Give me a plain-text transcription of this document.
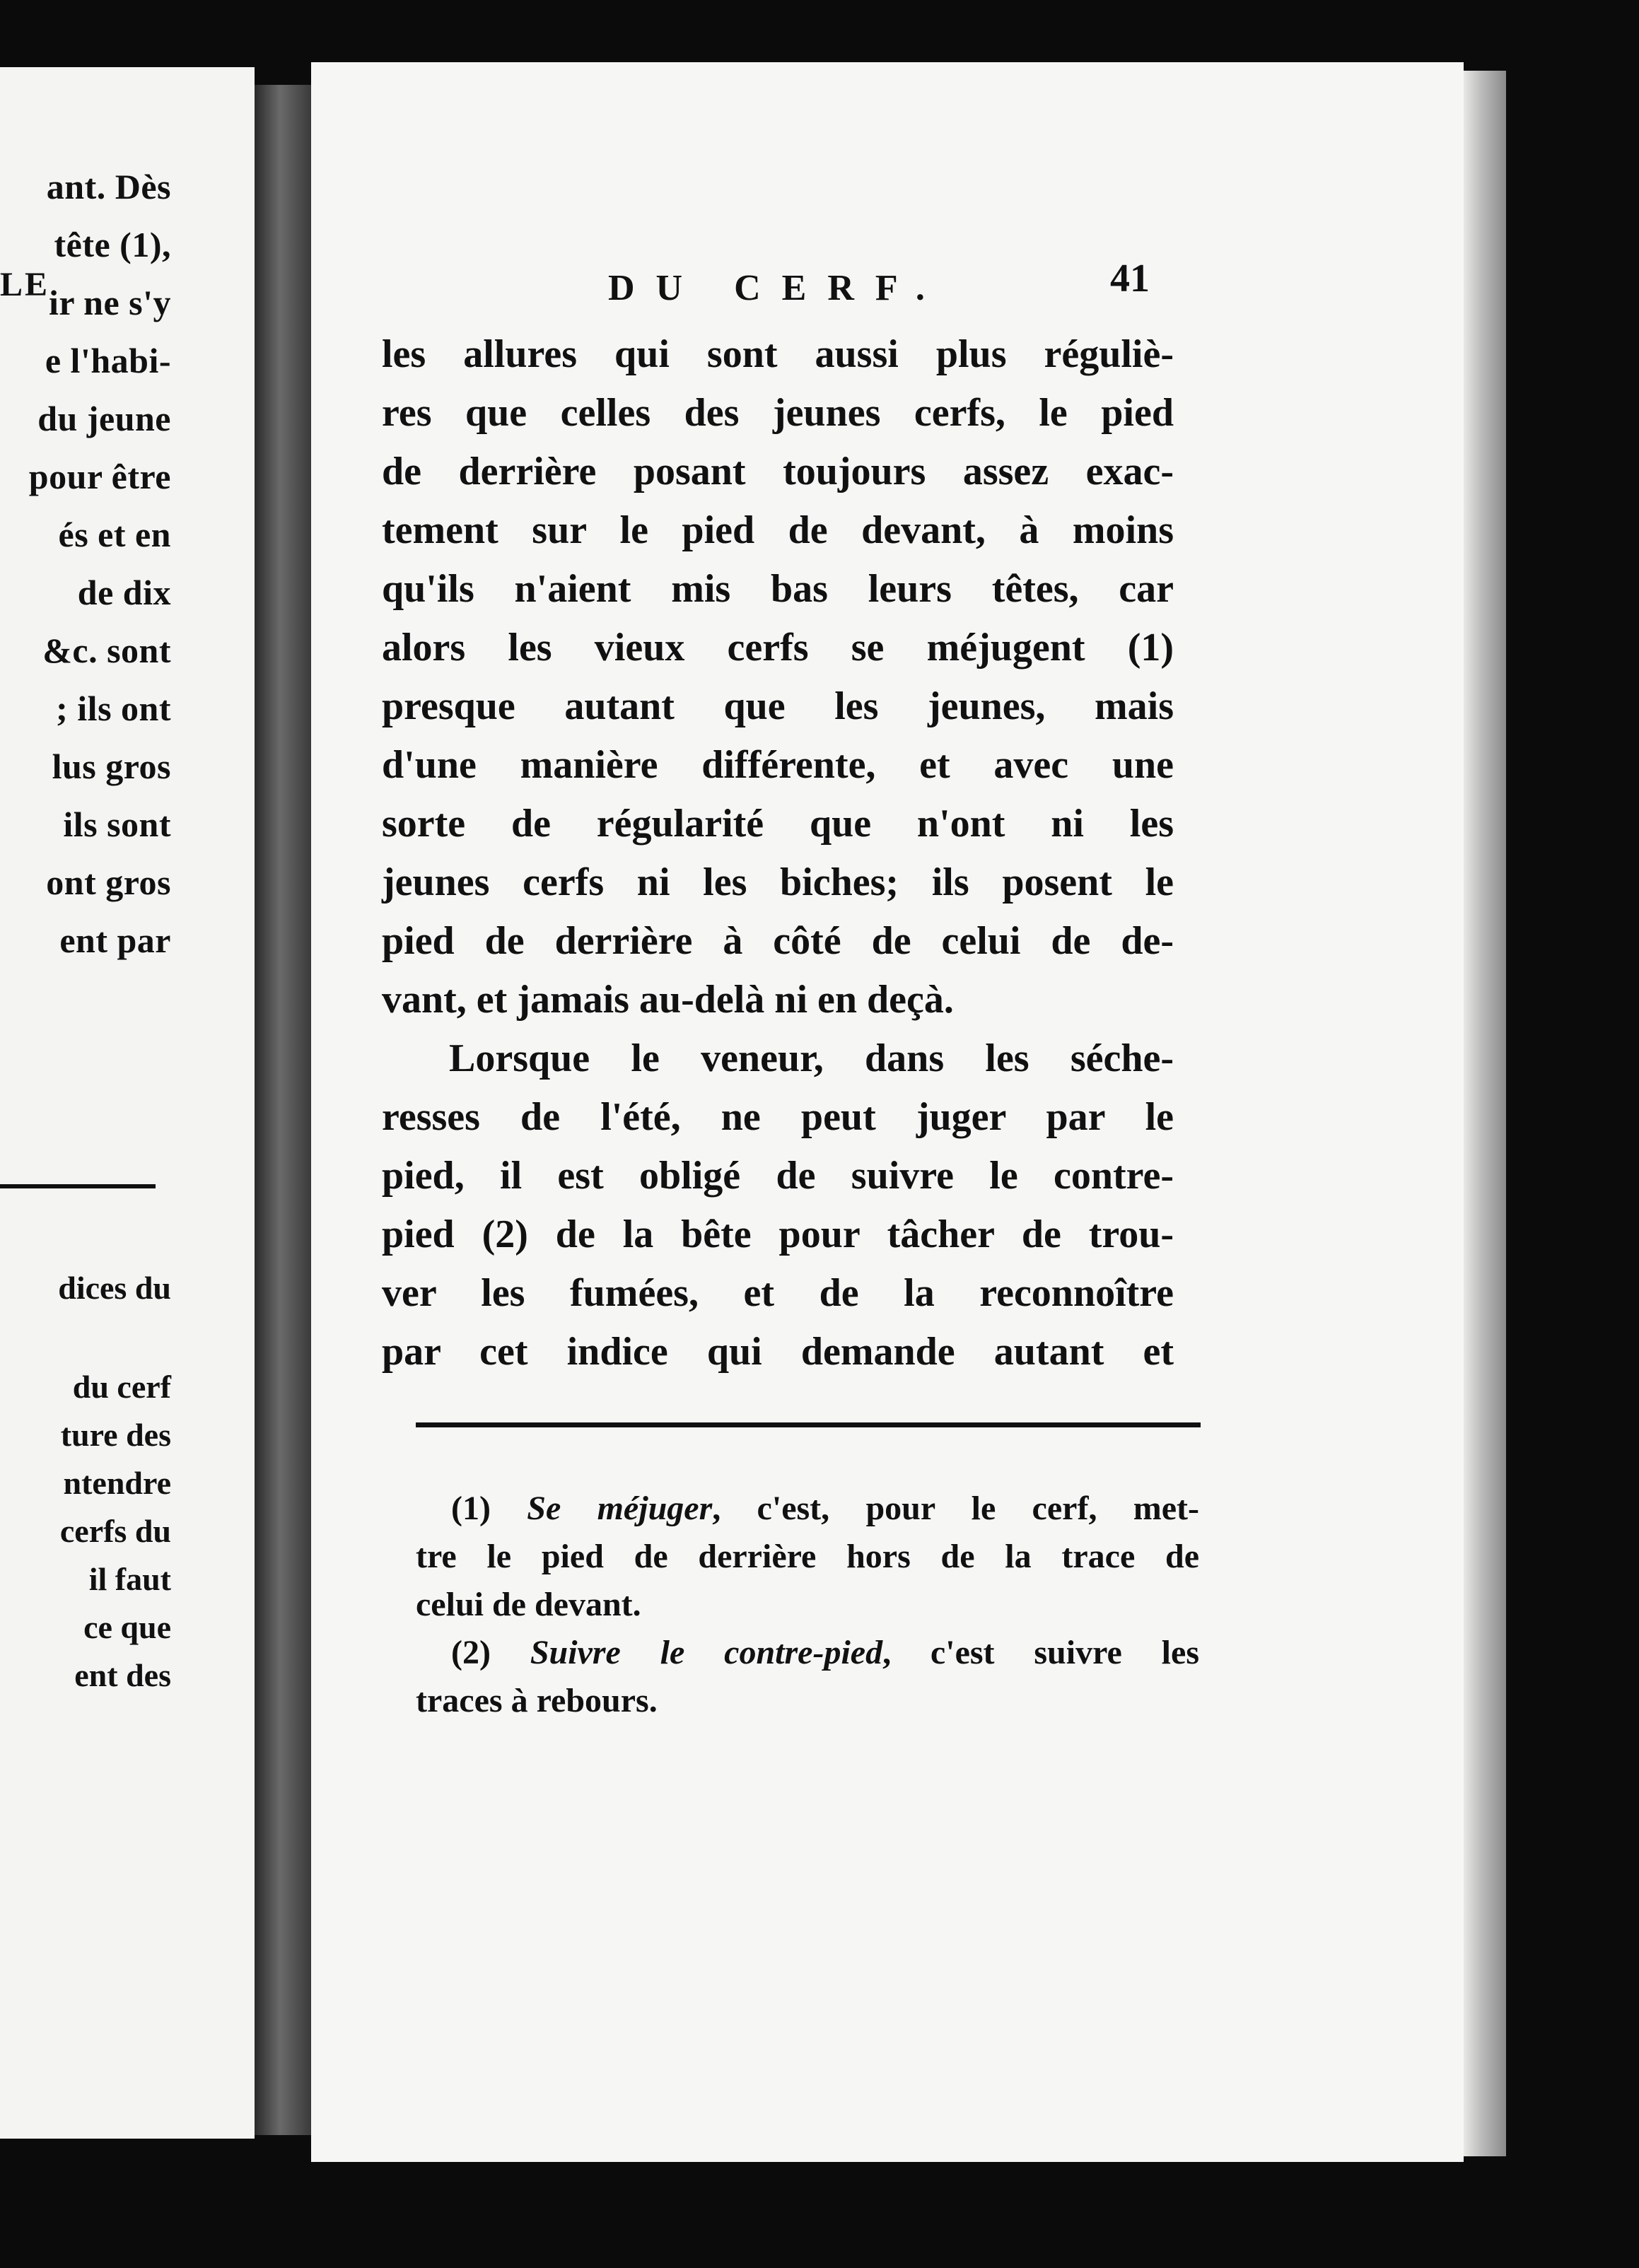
LE
ant. Dès
tête (1),
ir ne s'y
e l'habi-
du jeune
pour être
és et en
de dix
&c. sont
; ils ont
lus gros
ils sont
ont gros
ent par
dices du
du cerf
ture des
ntendre
cerfs du
il faut
ce que
ent des
DU CERF.	41
les allures qui sont aussi plus réguliè-
res que celles des jeunes cerfs, le pied
de derrière posant toujours assez exac-
tement sur le pied de devant, à moins
qu'ils n'aient mis bas leurs têtes, car
alors les vieux cerfs se méjugent (1)
presque autant que les jeunes, mais
d'une manière différente, et avec une
sorte de régularité que n'ont ni les
jeunes cerfs ni les biches; ils posent le
pied de derrière à côté de celui de de-
vant, et jamais au-delà ni en deçà.
Lorsque le veneur, dans les séche-
resses de l'été, ne peut juger par le
pied, il est obligé de suivre le contre-
pied (2) de la bête pour tâcher de trou-
ver les fumées, et de la reconnoître
par cet indice qui demande autant et
(1) Se méjuger, c'est, pour le cerf, met-
tre le pied de derrière hors de la trace de
celui de devant.
(2) Suivre le contre-pied, c'est suivre les
traces à rebours.
